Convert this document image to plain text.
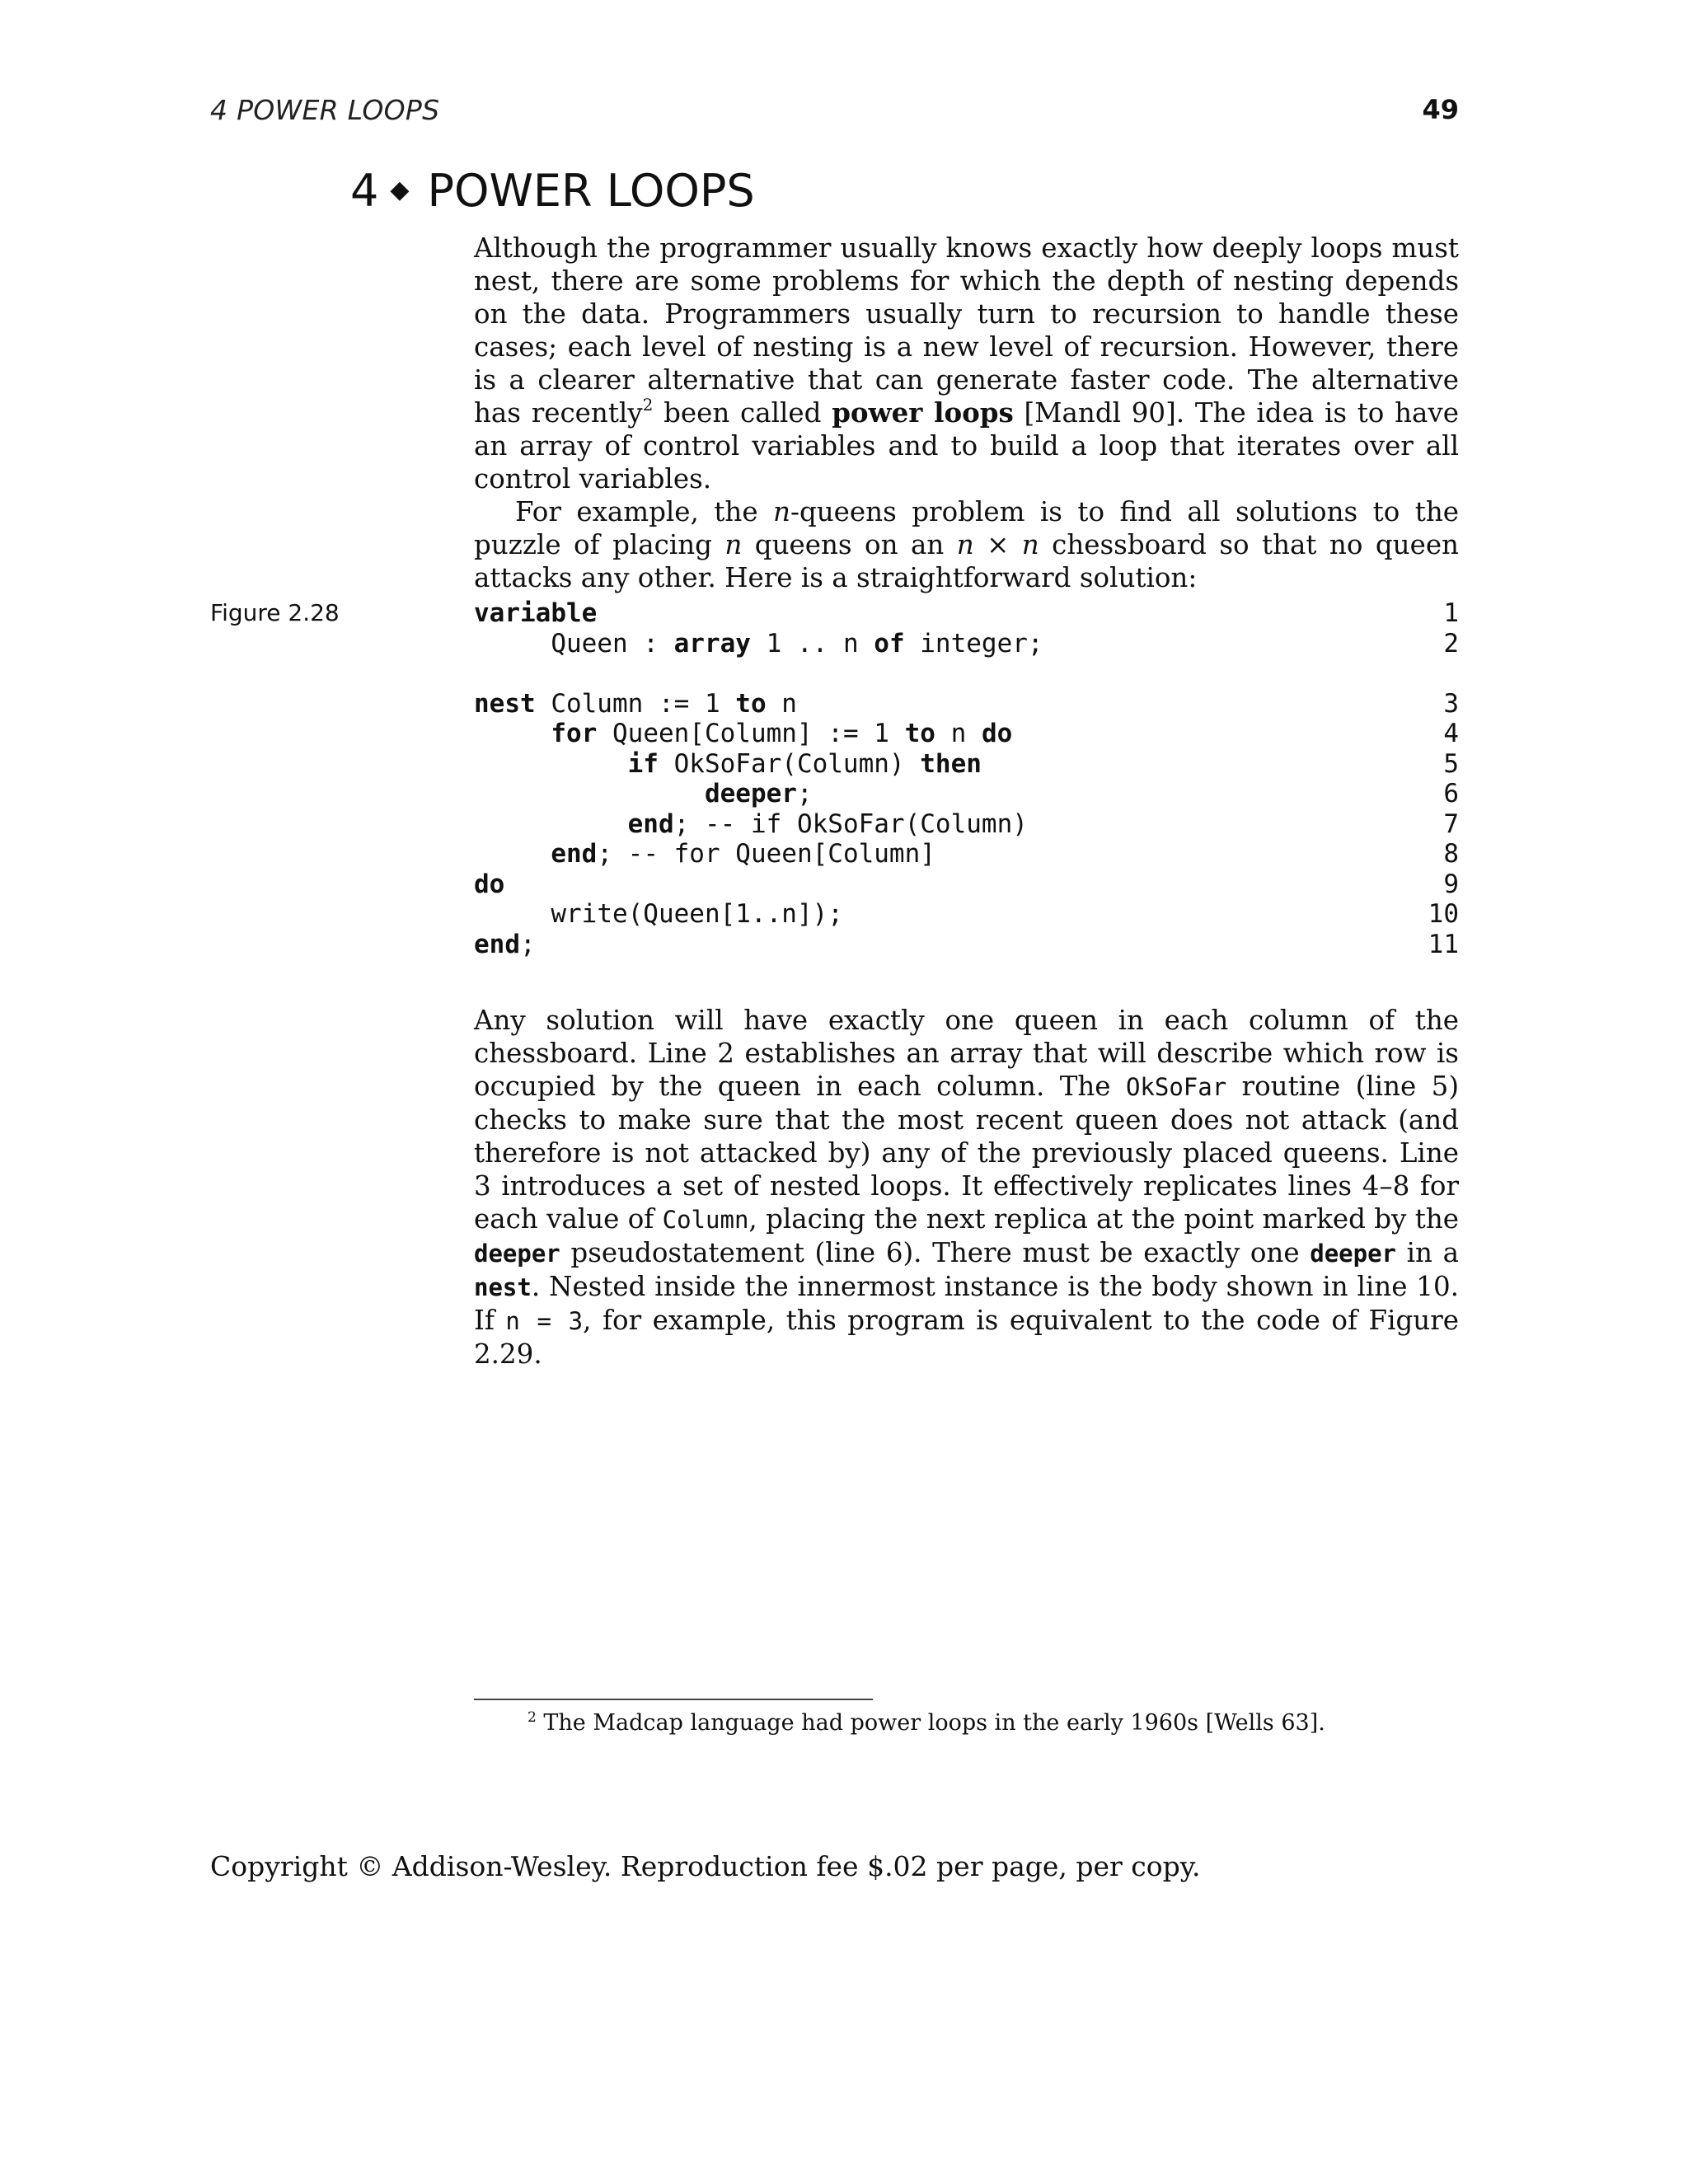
4 POWER LOOPS	49
4 ◆ POWER LOOPS

Although the programmer usually knows exactly how deeply loops must nest, there are some problems for which the depth of nesting depends on the data. Programmers usually turn to recursion to handle these cases; each level of nesting is a new level of recursion. However, there is a clearer alternative that can generate faster code. The alternative has recently$^2$ been called power loops [Mandl 90]. The idea is to have an array of control variables and to build a loop that iterates over all control variables.

For example, the n-queens problem is to find all solutions to the puzzle of placing n queens on an n × n chessboard so that no queen attacks any other. Here is a straightforward solution:

Figure 2.28	variable	1
Queen : array 1 .. n of integer;	2
nest Column := 1 to n	3
for Queen[Column] := 1 to n do	4
if OkSoFar(Column) then	5
deeper;	6
end; -- if OkSoFar(Column)	7
end; -- for Queen[Column]	8
do	9
write(Queen[1..n]);	10
end;	11

Any solution will have exactly one queen in each column of the chessboard. Line 2 establishes an array that will describe which row is occupied by the queen in each column. The OkSoFar routine (line 5) checks to make sure that the most recent queen does not attack (and therefore is not attacked by) any of the previously placed queens. Line 3 introduces a set of nested loops. It effectively replicates lines 4–8 for each value of Column, placing the next replica at the point marked by the deeper pseudostatement (line 6). There must be exactly one deeper in a nest. Nested inside the innermost instance is the body shown in line 10. If n = 3, for example, this program is equivalent to the code of Figure 2.29.

$^2$ The Madcap language had power loops in the early 1960s [Wells 63].
Copyright © Addison-Wesley. Reproduction fee $.02 per page, per copy.
